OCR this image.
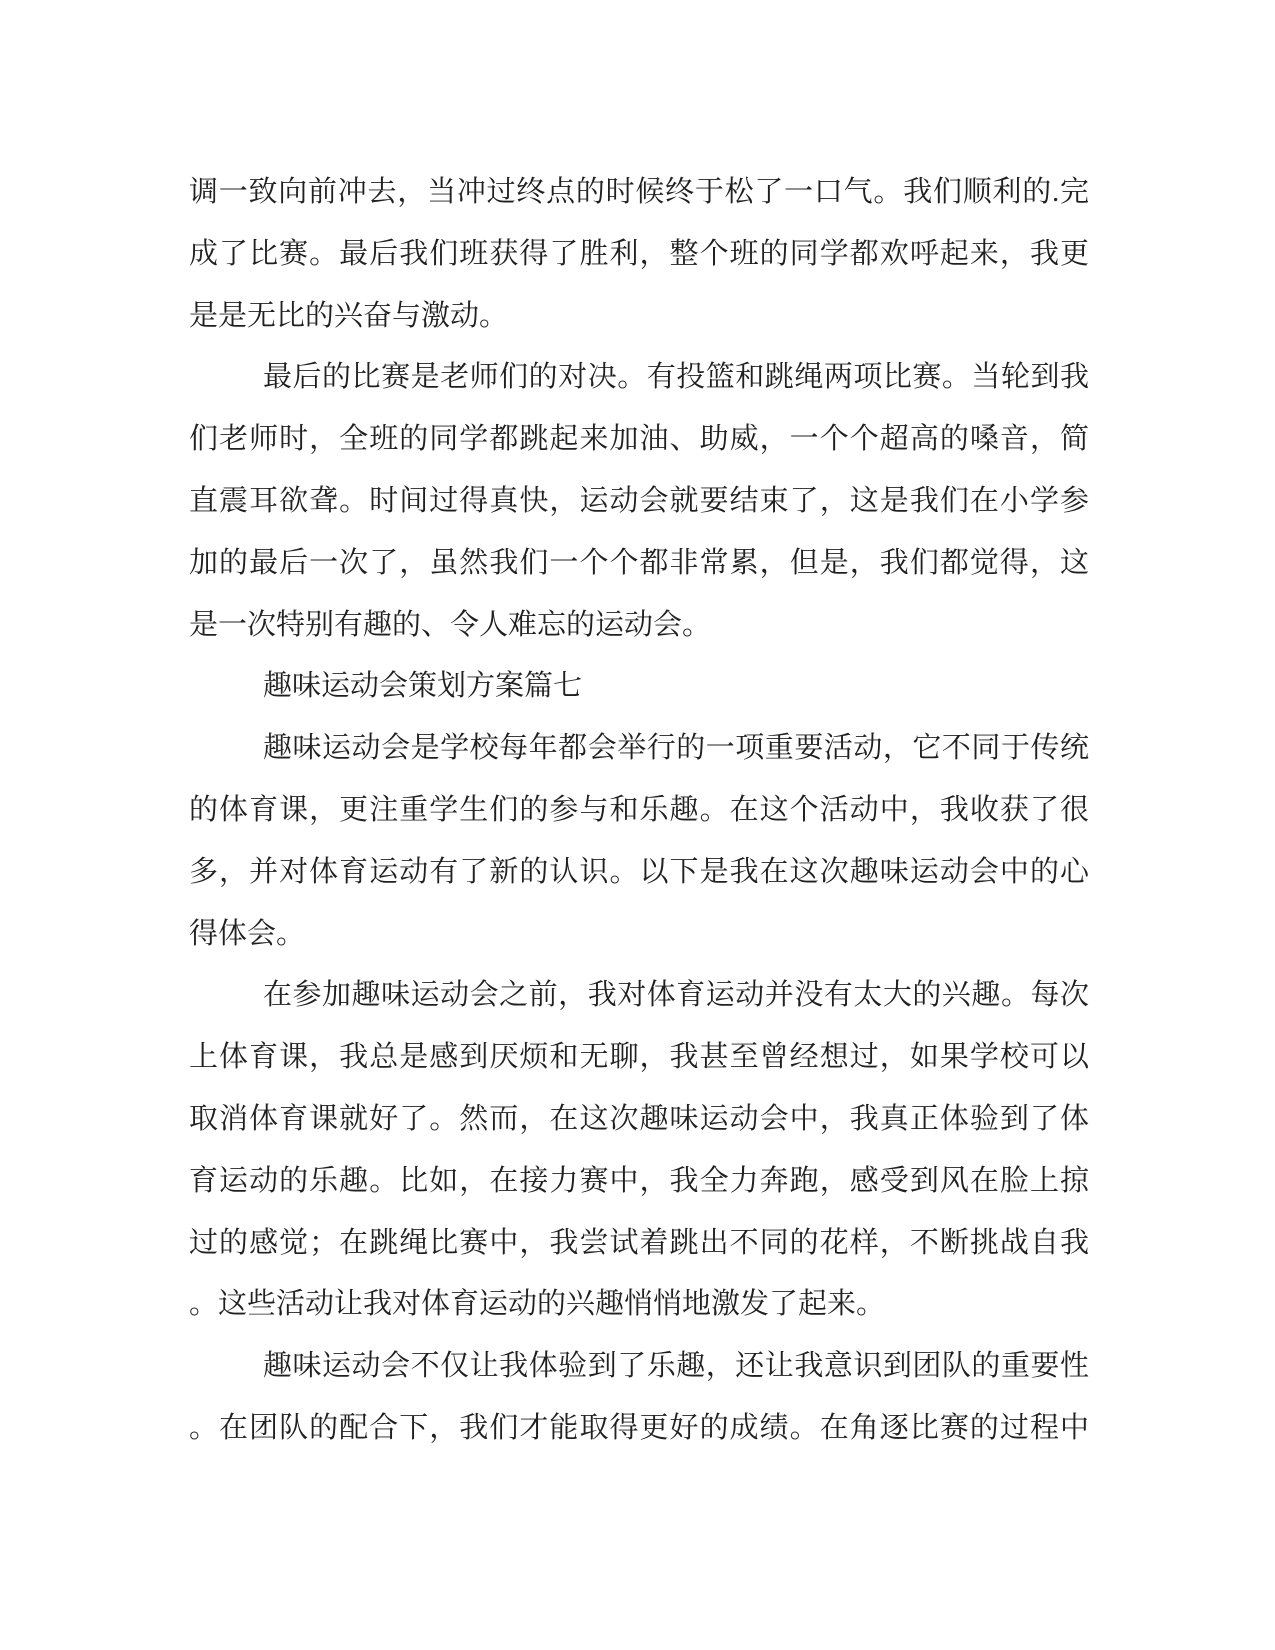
调一致向前冲去，当冲过终点的时候终于松了一口气。我们顺利的.完
成了比赛。最后我们班获得了胜利，整个班的同学都欢呼起来，我更
是是无比的兴奋与激动。
最后的比赛是老师们的对决。有投篮和跳绳两项比赛。当轮到我
们老师时，全班的同学都跳起来加油、助威，一个个超高的嗓音，简
直震耳欲聋。时间过得真快，运动会就要结束了，这是我们在小学参
加的最后一次了，虽然我们一个个都非常累，但是，我们都觉得，这
是一次特别有趣的、令人难忘的运动会。
趣味运动会策划方案篇七
趣味运动会是学校每年都会举行的一项重要活动，它不同于传统
的体育课，更注重学生们的参与和乐趣。在这个活动中，我收获了很
多，并对体育运动有了新的认识。以下是我在这次趣味运动会中的心
得体会。
在参加趣味运动会之前，我对体育运动并没有太大的兴趣。每次
上体育课，我总是感到厌烦和无聊，我甚至曾经想过，如果学校可以
取消体育课就好了。然而，在这次趣味运动会中，我真正体验到了体
育运动的乐趣。比如，在接力赛中，我全力奔跑，感受到风在脸上掠
过的感觉；在跳绳比赛中，我尝试着跳出不同的花样，不断挑战自我
。这些活动让我对体育运动的兴趣悄悄地激发了起来。
趣味运动会不仅让我体验到了乐趣，还让我意识到团队的重要性
。在团队的配合下，我们才能取得更好的成绩。在角逐比赛的过程中
